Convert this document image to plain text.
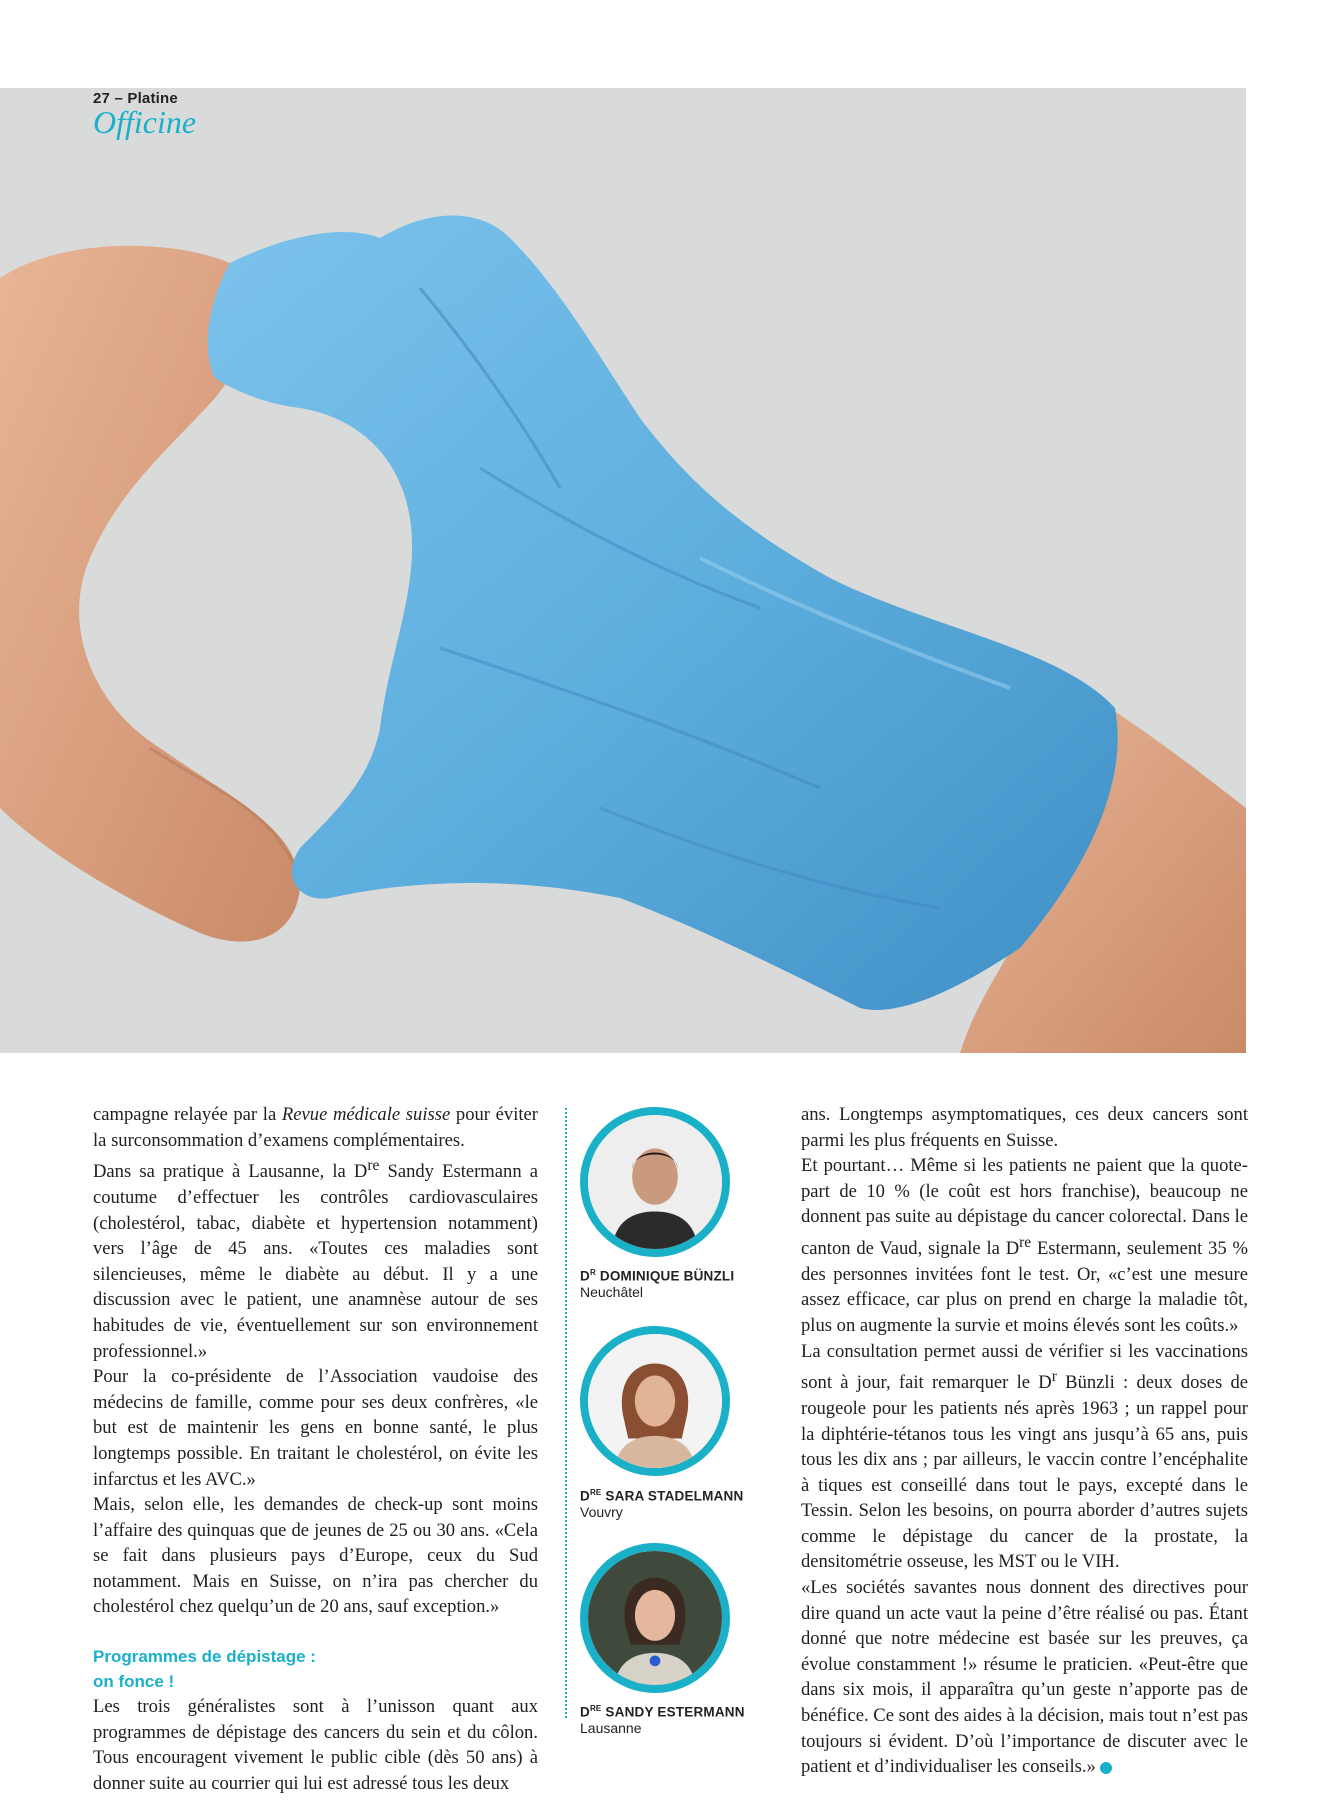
27 – Platine
Officine

campagne relayée par la Revue médicale suisse pour éviter la surconsommation d’examens complémentaires.

Dans sa pratique à Lausanne, la Dre Sandy Estermann a coutume d’effectuer les contrôles cardiovasculaires (cholestérol, tabac, diabète et hypertension notamment) vers l’âge de 45 ans. «Toutes ces maladies sont silencieuses, même le diabète au début. Il y a une discussion avec le patient, une anamnèse autour de ses habitudes de vie, éventuellement sur son environnement professionnel.»

Pour la co-présidente de l’Association vaudoise des médecins de famille, comme pour ses deux confrères, «le but est de maintenir les gens en bonne santé, le plus longtemps possible. En traitant le cholestérol, on évite les infarctus et les AVC.»

Mais, selon elle, les demandes de check-up sont moins l’affaire des quinquas que de jeunes de 25 ou 30 ans. «Cela se fait dans plusieurs pays d’Europe, ceux du Sud notamment. Mais en Suisse, on n’ira pas chercher du cholestérol chez quelqu’un de 20 ans, sauf exception.»

Programmes de dépistage :
on fonce !

Les trois généralistes sont à l’unisson quant aux programmes de dépistage des cancers du sein et du côlon. Tous encouragent vivement le public cible (dès 50 ans) à donner suite au courrier qui lui est adressé tous les deux

$D^R$ DOMINIQUE BÜNZLI
Neuchâtel
DRE SARA STADELMANN
Vouvry
DRE SANDY ESTERMANN
Lausanne

ans. Longtemps asymptomatiques, ces deux cancers sont parmi les plus fréquents en Suisse.

Et pourtant… Même si les patients ne paient que la quote-part de 10 % (le coût est hors franchise), beaucoup ne donnent pas suite au dépistage du cancer colorectal. Dans le canton de Vaud, signale la Dre Estermann, seulement 35 % des personnes invitées font le test. Or, «c’est une mesure assez efficace, car plus on prend en charge la maladie tôt, plus on augmente la survie et moins élevés sont les coûts.»

La consultation permet aussi de vérifier si les vaccinations sont à jour, fait remarquer le $D^r$ Bünzli : deux doses de rougeole pour les patients nés après 1963 ; un rappel pour la diphtérie-tétanos tous les vingt ans jusqu’à 65 ans, puis tous les dix ans ; par ailleurs, le vaccin contre l’encéphalite à tiques est conseillé dans tout le pays, excepté dans le Tessin. Selon les besoins, on pourra aborder d’autres sujets comme le dépistage du cancer de la prostate, la densitométrie osseuse, les MST ou le VIH.

«Les sociétés savantes nous donnent des directives pour dire quand un acte vaut la peine d’être réalisé ou pas. Étant donné que notre médecine est basée sur les preuves, ça évolue constamment !» résume le praticien. «Peut-être que dans six mois, il apparaîtra qu’un geste n’apporte pas de bénéfice. Ce sont des aides à la décision, mais tout n’est pas toujours si évident. D’où l’importance de discuter avec le patient et d’individualiser les conseils.»
